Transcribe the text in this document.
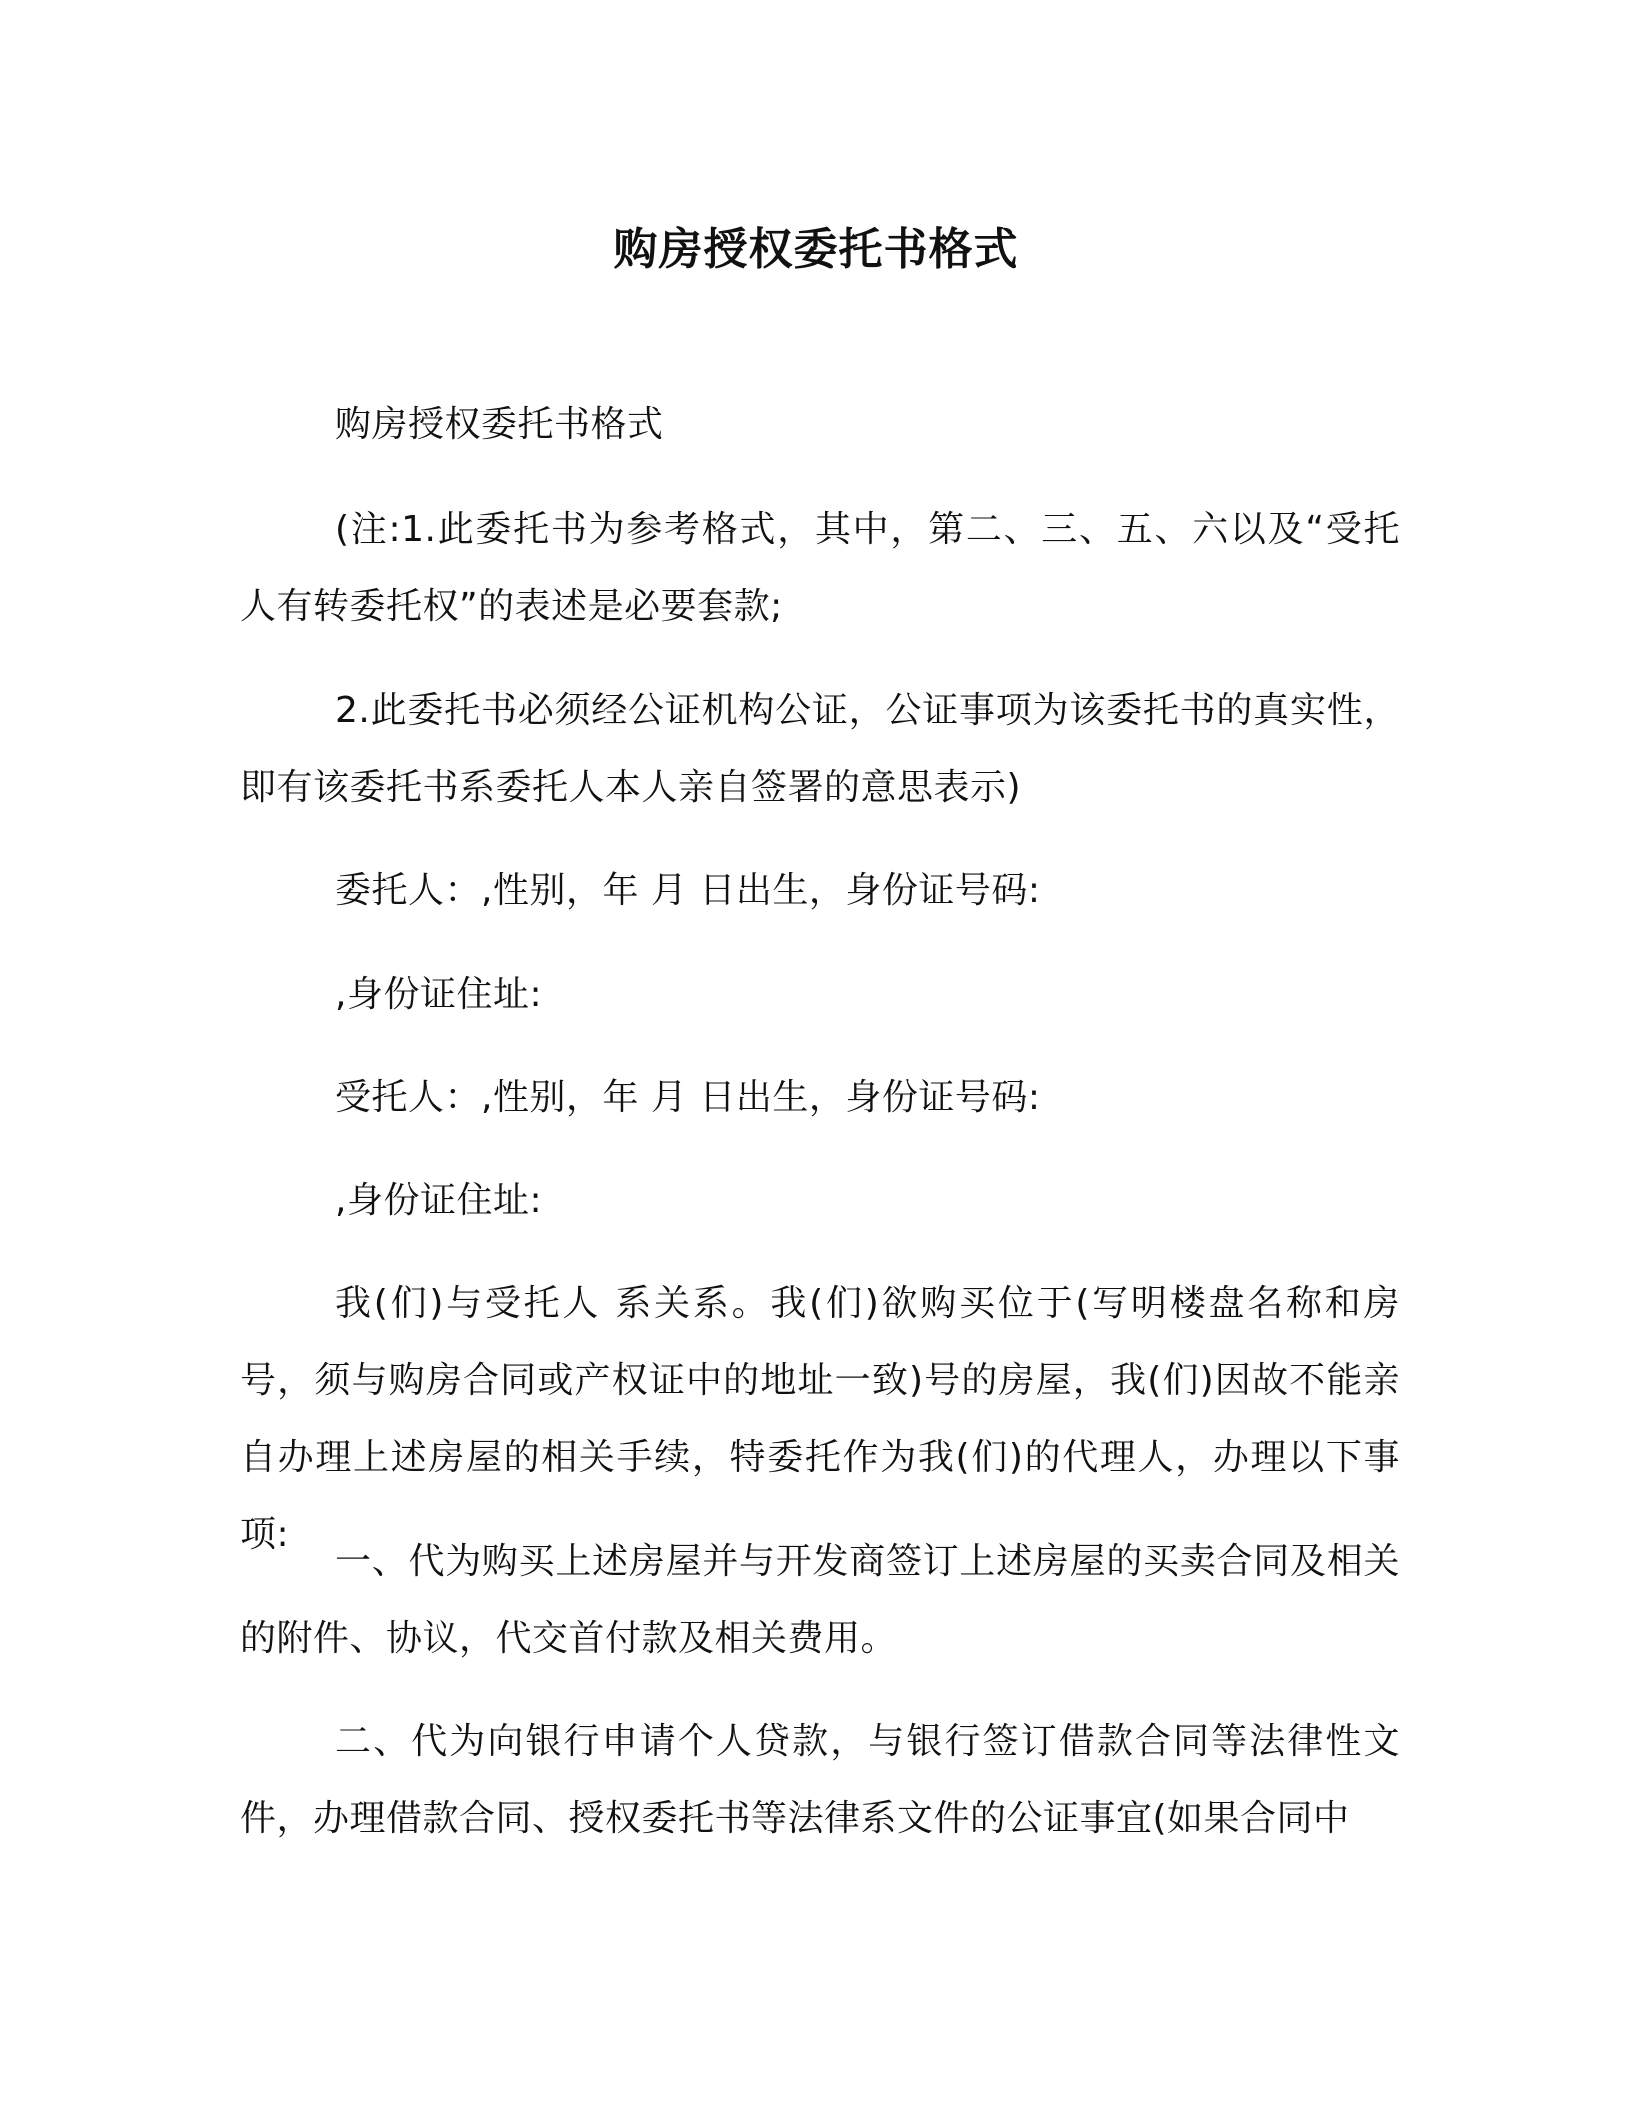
购房授权委托书格式

购房授权委托书格式

(注:1.此委托书为参考格式，其中，第二、三、五、六以及“受托人有转委托权”的表述是必要套款;

2.此委托书必须经公证机构公证，公证事项为该委托书的真实性，即有该委托书系委托人本人亲自签署的意思表示)

委托人：,性别，年 月 日出生，身份证号码:

,身份证住址:

受托人：,性别，年 月 日出生，身份证号码:

,身份证住址:

我(们)与受托人 系关系。我(们)欲购买位于(写明楼盘名称和房号，须与购房合同或产权证中的地址一致)号的房屋，我(们)因故不能亲自办理上述房屋的相关手续，特委托作为我(们)的代理人，办理以下事项:

一、代为购买上述房屋并与开发商签订上述房屋的买卖合同及相关的附件、协议，代交首付款及相关费用。

二、代为向银行申请个人贷款，与银行签订借款合同等法律性文件，办理借款合同、授权委托书等法律系文件的公证事宜(如果合同中
